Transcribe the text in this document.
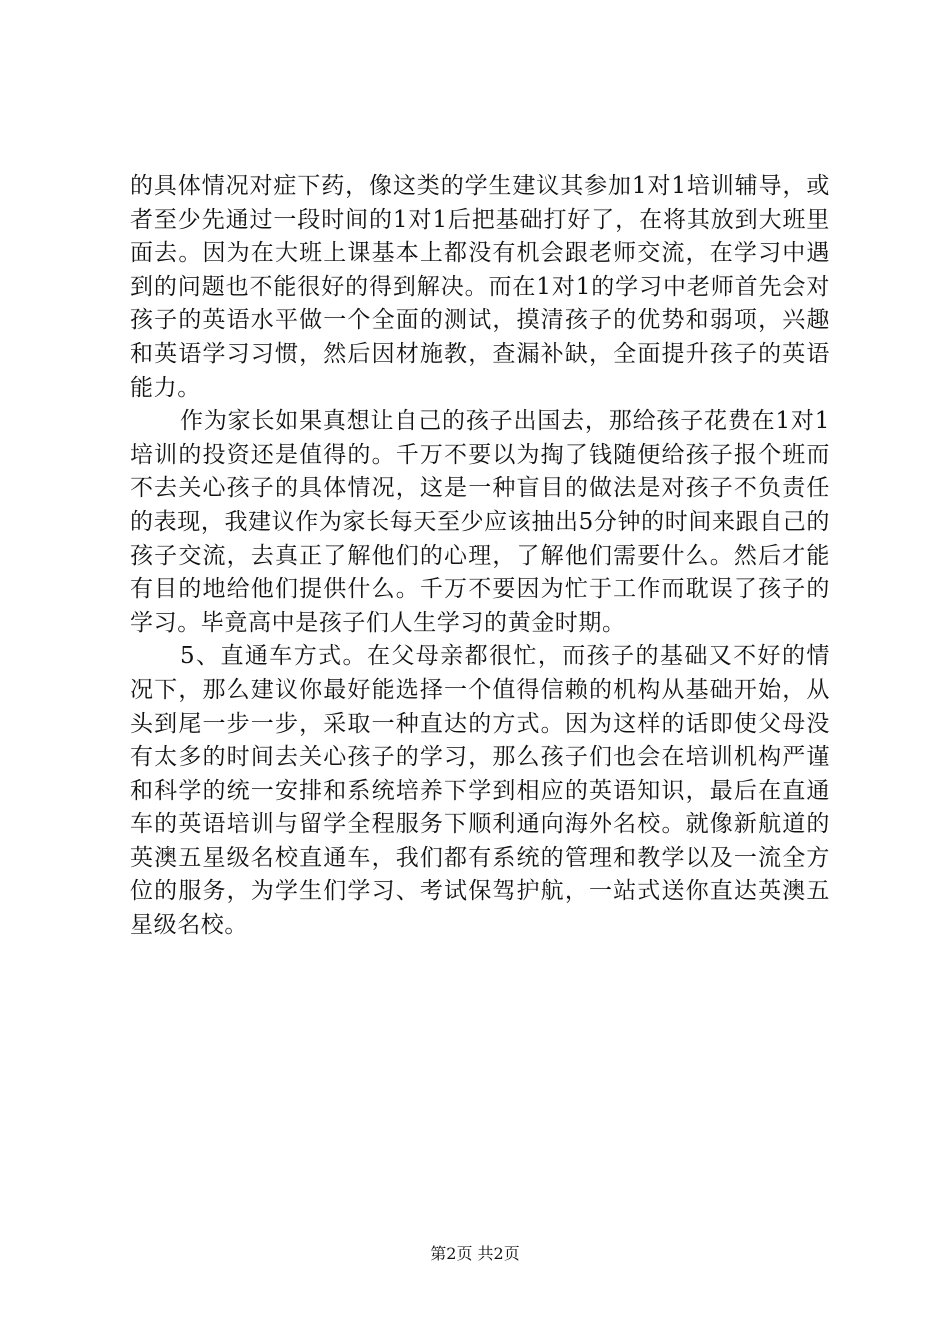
的具体情况对症下药，像这类的学生建议其参加1对1培训辅导，或者至少先通过一段时间的1对1后把基础打好了，在将其放到大班里面去。因为在大班上课基本上都没有机会跟老师交流，在学习中遇到的问题也不能很好的得到解决。而在1对1的学习中老师首先会对孩子的英语水平做一个全面的测试，摸清孩子的优势和弱项，兴趣和英语学习习惯，然后因材施教，查漏补缺，全面提升孩子的英语能力。

作为家长如果真想让自己的孩子出国去，那给孩子花费在1对1培训的投资还是值得的。千万不要以为掏了钱随便给孩子报个班而不去关心孩子的具体情况，这是一种盲目的做法是对孩子不负责任的表现，我建议作为家长每天至少应该抽出5分钟的时间来跟自己的孩子交流，去真正了解他们的心理，了解他们需要什么。然后才能有目的地给他们提供什么。千万不要因为忙于工作而耽误了孩子的学习。毕竟高中是孩子们人生学习的黄金时期。

5、直通车方式。在父母亲都很忙，而孩子的基础又不好的情况下，那么建议你最好能选择一个值得信赖的机构从基础开始，从头到尾一步一步，采取一种直达的方式。因为这样的话即使父母没有太多的时间去关心孩子的学习，那么孩子们也会在培训机构严谨和科学的统一安排和系统培养下学到相应的英语知识，最后在直通车的英语培训与留学全程服务下顺利通向海外名校。就像新航道的英澳五星级名校直通车，我们都有系统的管理和教学以及一流全方位的服务，为学生们学习、考试保驾护航，一站式送你直达英澳五星级名校。

第2页 共2页
